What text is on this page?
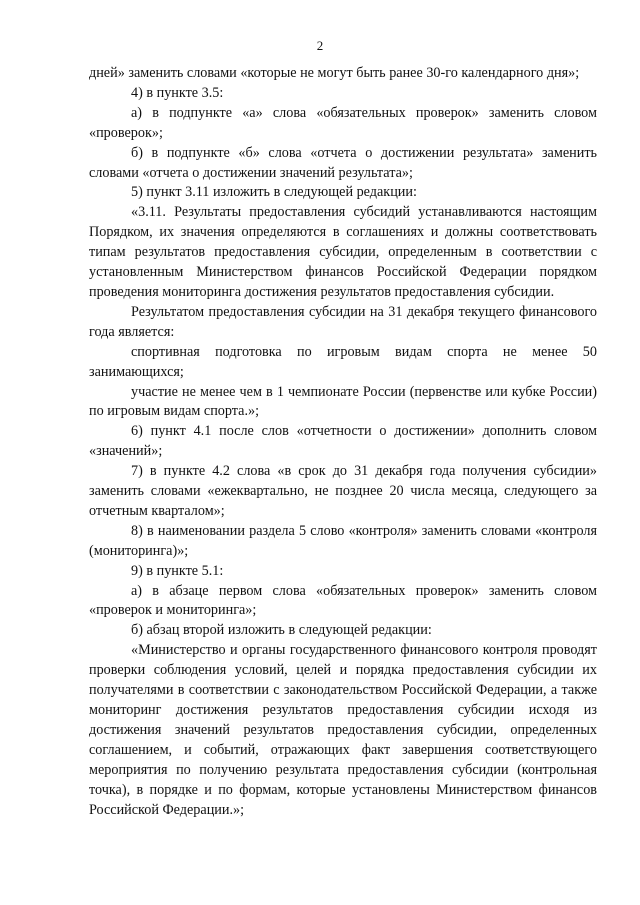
2

дней» заменить словами «которые не могут быть ранее 30-го календарного дня»;

4) в пункте 3.5:

а) в подпункте «а» слова «обязательных проверок» заменить словом «проверок»;

б) в подпункте «б» слова «отчета о достижении результата» заменить словами «отчета о достижении значений результата»;

5) пункт 3.11 изложить в следующей редакции:

«3.11. Результаты предоставления субсидий устанавливаются настоящим Порядком, их значения определяются в соглашениях и должны соответствовать типам результатов предоставления субсидии, определенным в соответствии с установленным Министерством финансов Российской Федерации порядком проведения мониторинга достижения результатов предоставления субсидии.

Результатом предоставления субсидии на 31 декабря текущего финансового года является:

спортивная подготовка по игровым видам спорта не менее 50 занимающихся;

участие не менее чем в 1 чемпионате России (первенстве или кубке России) по игровым видам спорта.»;

6) пункт 4.1 после слов «отчетности о достижении» дополнить словом «значений»;

7) в пункте 4.2 слова «в срок до 31 декабря года получения субсидии» заменить словами «ежеквартально, не позднее 20 числа месяца, следующего за отчетным кварталом»;

8) в наименовании раздела 5 слово «контроля» заменить словами «контроля (мониторинга)»;

9) в пункте 5.1:

а) в абзаце первом слова «обязательных проверок» заменить словом «проверок и мониторинга»;

б) абзац второй изложить в следующей редакции:

«Министерство и органы государственного финансового контроля проводят проверки соблюдения условий, целей и порядка предоставления субсидии их получателями в соответствии с законодательством Российской Федерации, а также мониторинг достижения результатов предоставления субсидии исходя из достижения значений результатов предоставления субсидии, определенных соглашением, и событий, отражающих факт завершения соответствующего мероприятия по получению результата предоставления субсидии (контрольная точка), в порядке и по формам, которые установлены Министерством финансов Российской Федерации.»;
